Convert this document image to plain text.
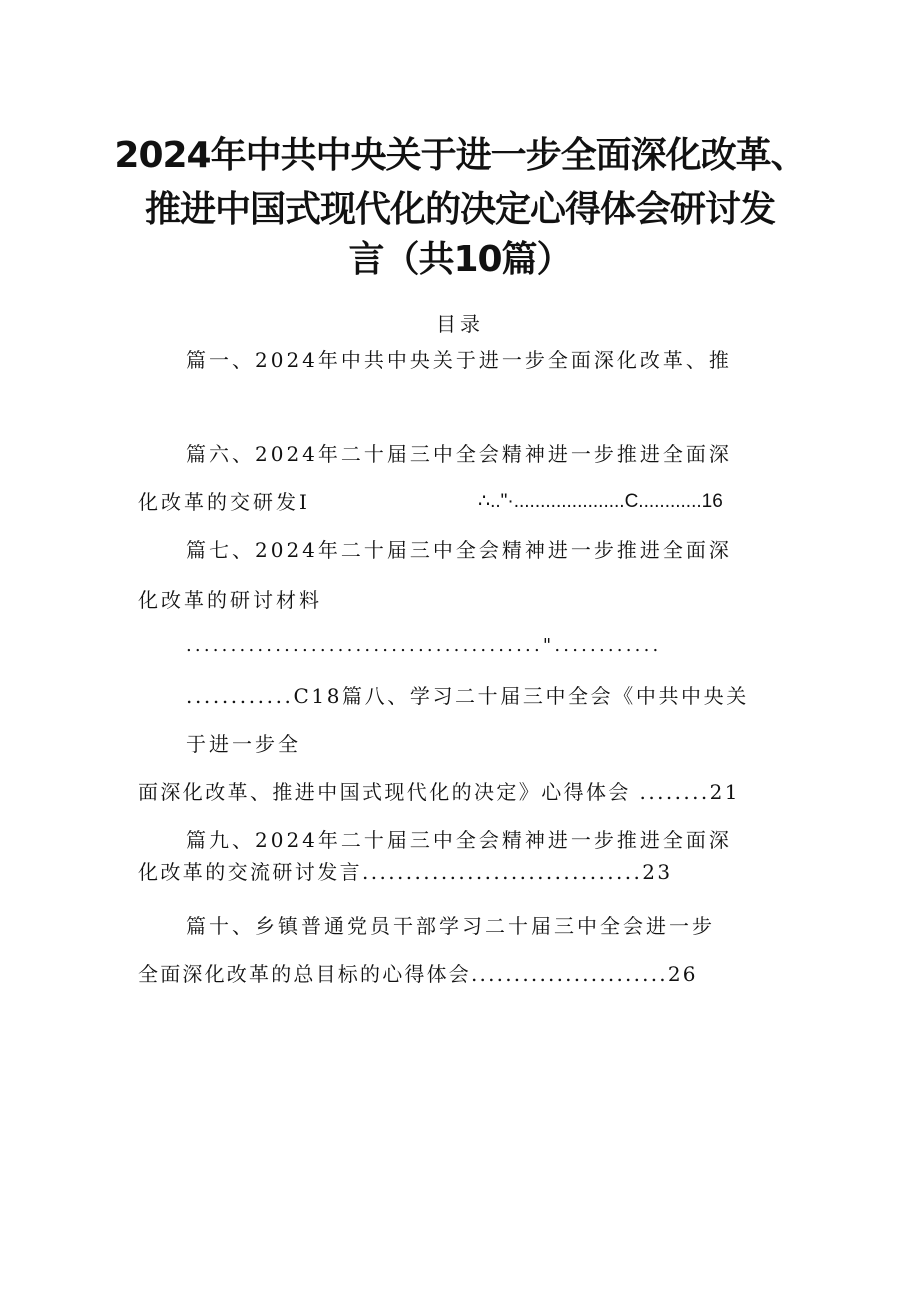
2024年中共中央关于进一步全面深化改革、
推进中国式现代化的决定心得体会研讨发
言（共10篇）
目录
篇一、2024年中共中央关于进一步全面深化改革、推
篇六、2024年二十届三中全会精神进一步推进全面深
化改革的交研发I	∴.."·.....................C............16
篇七、2024年二十届三中全会精神进一步推进全面深
化改革的研讨材料
........................................"............
............C18篇八、学习二十届三中全会《中共中央关
于进一步全
面深化改革、推进中国式现代化的决定》心得体会 ........21
篇九、2024年二十届三中全会精神进一步推进全面深
化改革的交流研讨发言................................23
篇十、乡镇普通党员干部学习二十届三中全会进一步
全面深化改革的总目标的心得体会.......................26
